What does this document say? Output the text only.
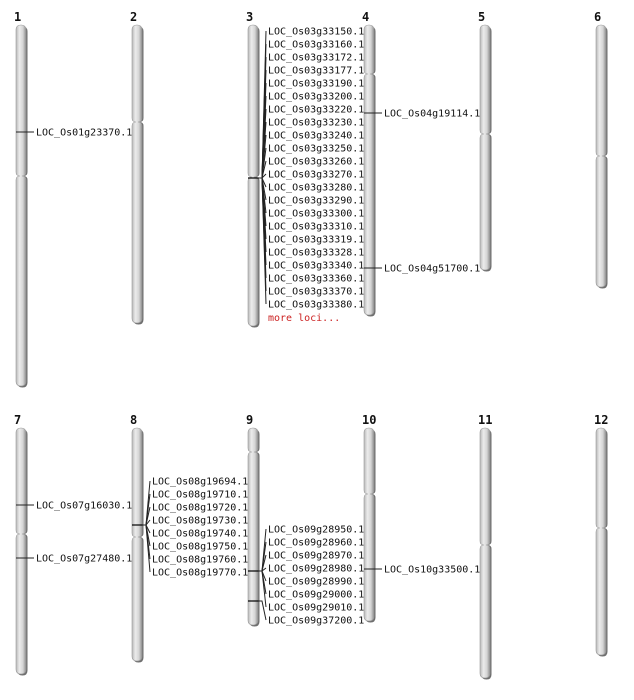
1
LOC_Os01g23370.1
2	3
LOC_Os03g33150.1
LOC_Os03g33160.1
LOC_Os03g33172.1
LOC_Os03g33177.1
LOC_Os03g33190.1
LOC_Os03g33200.1
LOC_Os03g33220.1
LOC_Os03g33230.1
LOC_Os03g33240.1
LOC_Os03g33250.1
LOC_Os03g33260.1
LOC_Os03g33270.1
LOC_Os03g33280.1
LOC_Os03g33290.1
LOC_Os03g33300.1
LOC_Os03g33310.1
LOC_Os03g33319.1
LOC_Os03g33328.1
LOC_Os03g33340.1
LOC_Os03g33360.1
LOC_Os03g33370.1
LOC_Os03g33380.1
more loci...
4
LOC_Os04g19114.1
LOC_Os04g51700.1
5	6
7
LOC_Os07g16030.1
LOC_Os07g27480.1
8
LOC_Os08g19694.1
LOC_Os08g19710.1
LOC_Os08g19720.1
LOC_Os08g19730.1
LOC_Os08g19740.1
LOC_Os08g19750.1
LOC_Os08g19760.1
LOC_Os08g19770.1
9
LOC_Os09g28950.1
LOC_Os09g28960.1
LOC_Os09g28970.1
LOC_Os09g28980.1
LOC_Os09g28990.1
LOC_Os09g29000.1
LOC_Os09g29010.1
LOC_Os09g37200.1
10
LOC_Os10g33500.1
11	12
